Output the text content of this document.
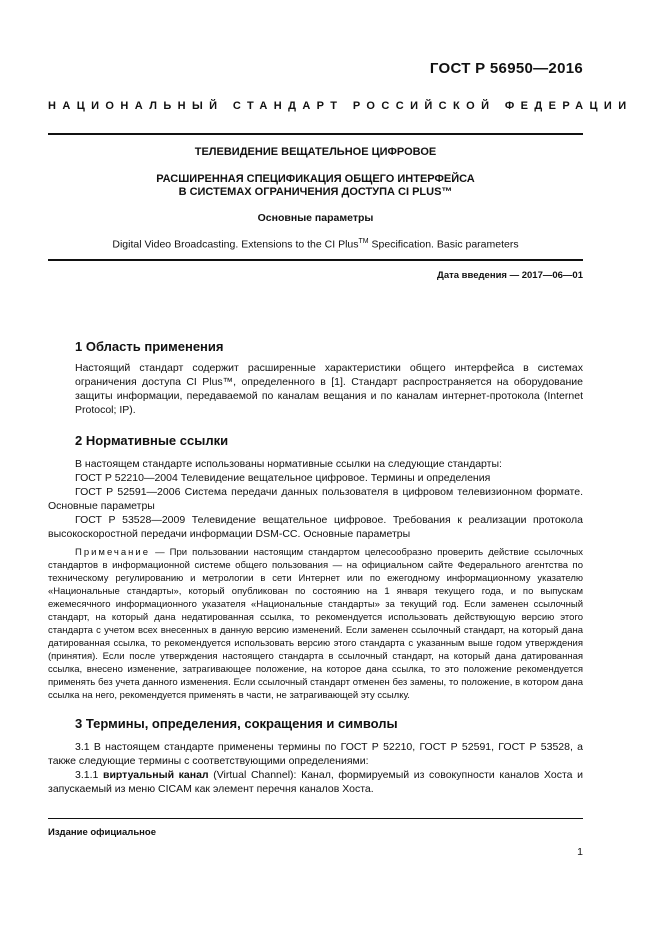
ГОСТ Р 56950—2016
НАЦИОНАЛЬНЫЙ СТАНДАРТ РОССИЙСКОЙ ФЕДЕРАЦИИ
ТЕЛЕВИДЕНИЕ ВЕЩАТЕЛЬНОЕ ЦИФРОВОЕ
РАСШИРЕННАЯ СПЕЦИФИКАЦИЯ ОБЩЕГО ИНТЕРФЕЙСА
В СИСТЕМАХ ОГРАНИЧЕНИЯ ДОСТУПА CI PLUS™
Основные параметры
Digital Video Broadcasting. Extensions to the CI Plus™ Specification. Basic parameters
Дата введения — 2017—06—01
1 Область применения

Настоящий стандарт содержит расширенные характеристики общего интерфейса в системах ограничения доступа CI Plus™, определенного в [1]. Стандарт распространяется на оборудование защиты информации, передаваемой по каналам вещания и по каналам интернет-протокола (Internet Protocol; IP).

2 Нормативные ссылки

В настоящем стандарте использованы нормативные ссылки на следующие стандарты:

ГОСТ Р 52210—2004 Телевидение вещательное цифровое. Термины и определения

ГОСТ Р 52591—2006 Система передачи данных пользователя в цифровом телевизионном формате. Основные параметры

ГОСТ Р 53528—2009 Телевидение вещательное цифровое. Требования к реализации протокола высокоскоростной передачи информации DSM-CC. Основные параметры

Примечание — При пользовании настоящим стандартом целесообразно проверить действие ссылочных стандартов в информационной системе общего пользования — на официальном сайте Федерального агентства по техническому регулированию и метрологии в сети Интернет или по ежегодному информационному указателю «Национальные стандарты», который опубликован по состоянию на 1 января текущего года, и по выпускам ежемесячного информационного указателя «Национальные стандарты» за текущий год. Если заменен ссылочный стандарт, на который дана недатированная ссылка, то рекомендуется использовать действующую версию этого стандарта с учетом всех внесенных в данную версию изменений. Если заменен ссылочный стандарт, на который дана датированная ссылка, то рекомендуется использовать версию этого стандарта с указанным выше годом утверждения (принятия). Если после утверждения настоящего стандарта в ссылочный стандарт, на который дана датированная ссылка, внесено изменение, затрагивающее положение, на которое дана ссылка, то это положение рекомендуется применять без учета данного изменения. Если ссылочный стандарт отменен без замены, то положение, в котором дана ссылка на него, рекомендуется применять в части, не затрагивающей эту ссылку.

3 Термины, определения, сокращения и символы

3.1 В настоящем стандарте применены термины по ГОСТ Р 52210, ГОСТ Р 52591, ГОСТ Р 53528, а также следующие термины с соответствующими определениями:

3.1.1 виртуальный канал (Virtual Channel): Канал, формируемый из совокупности каналов Хоста и запускаемый из меню CICAM как элемент перечня каналов Хоста.

Издание официальное
1
